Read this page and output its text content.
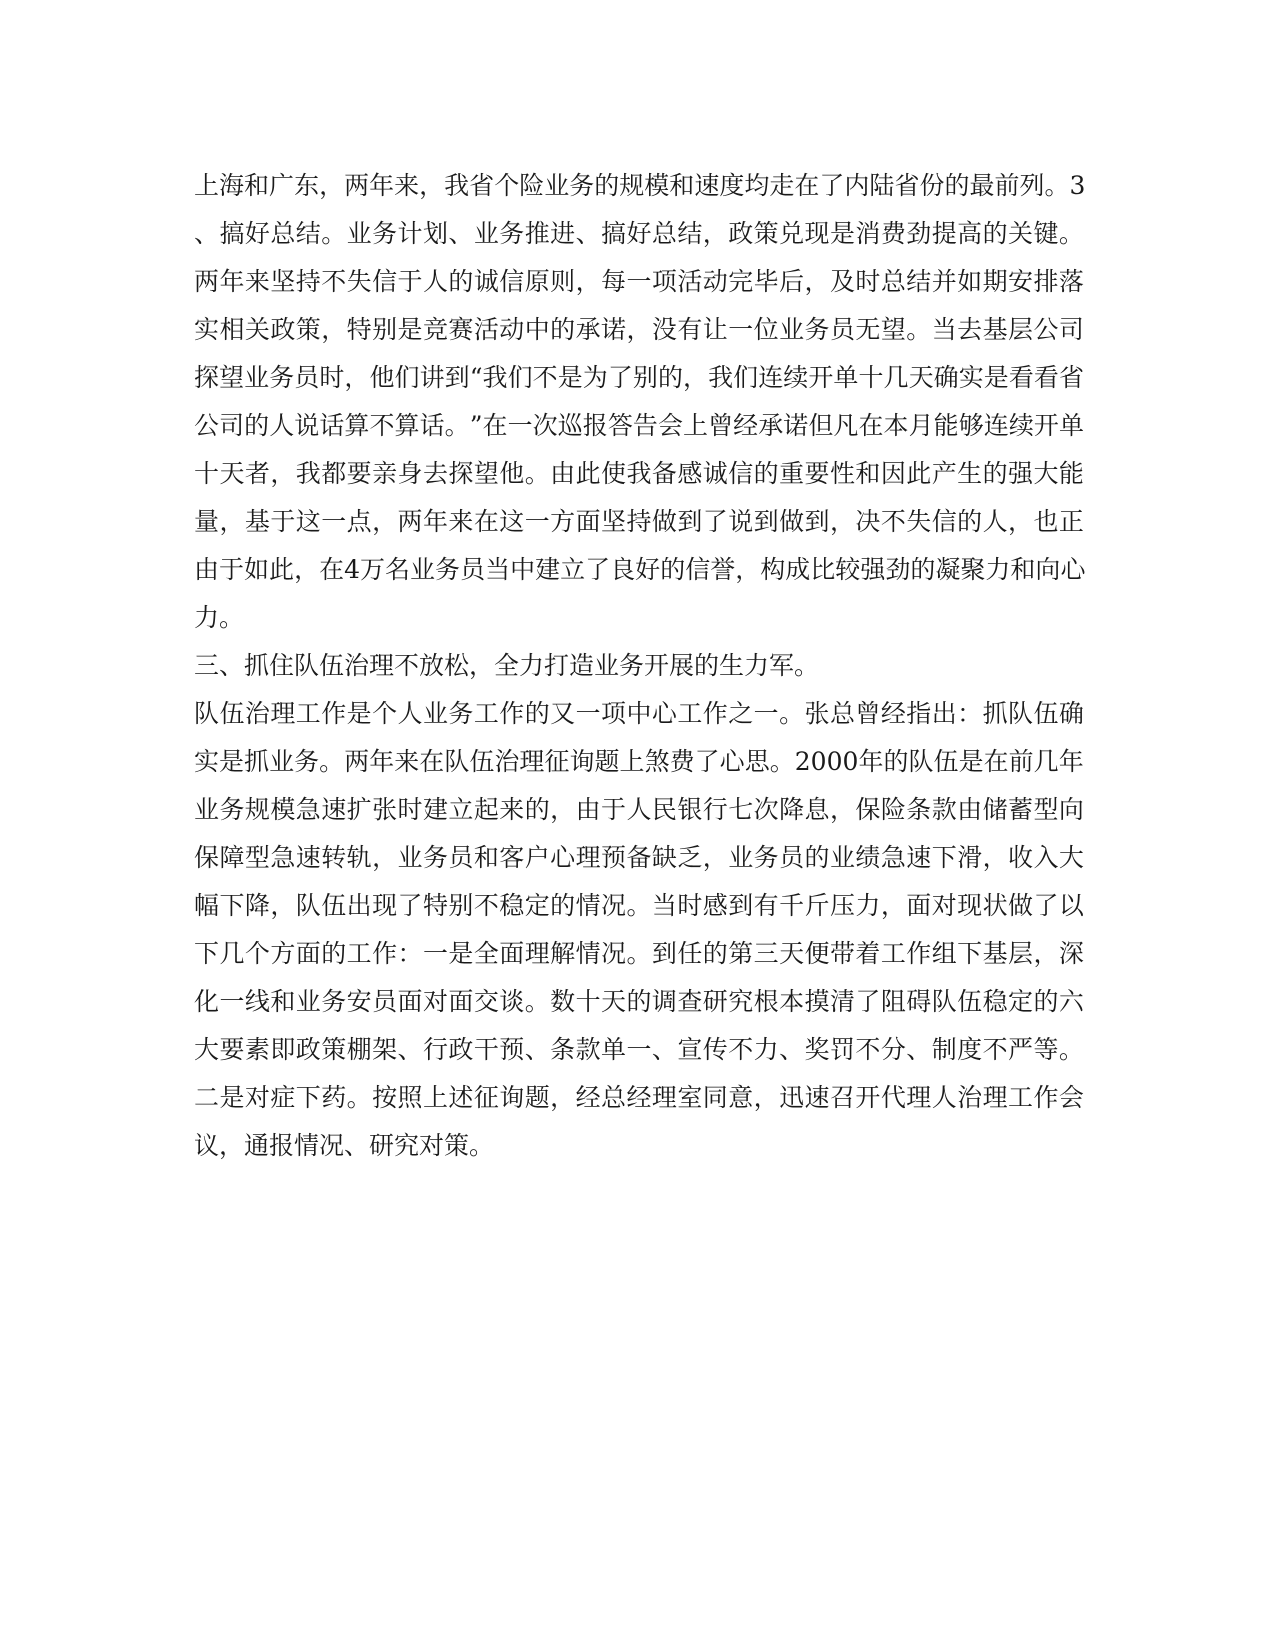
上 海 和 广 东 ， 两 年 来 ， 我 省 个 险 业 务 的 规 模 和 速 度 均 走 在 了 内 陆 省 份 的 最 前 列 。 3
、 搞 好 总 结 。 业 务 计 划 、 业 务 推 进 、 搞 好 总 结 ， 政 策 兑 现 是 消 费 劲 提 高 的 关 键 。
两 年 来 坚 持 不 失 信 于 人 的 诚 信 原 则 ， 每 一 项 活 动 完 毕 后 ， 及 时 总 结 并 如 期 安 排 落
实 相 关 政 策 ， 特 别 是 竞 赛 活 动 中 的 承 诺 ， 没 有 让 一 位 业 务 员 无 望 。 当 去 基 层 公 司
探 望 业 务 员 时 ， 他 们 讲 到 “ 我 们 不 是 为 了 别 的 ， 我 们 连 续 开 单 十 几 天 确 实 是 看 看 省
公 司 的 人 说 话 算 不 算 话 。 ” 在 一 次 巡 报 答 告 会 上 曾 经 承 诺 但 凡 在 本 月 能 够 连 续 开 单
十 天 者 ， 我 都 要 亲 身 去 探 望 他 。 由 此 使 我 备 感 诚 信 的 重 要 性 和 因 此 产 生 的 强 大 能
量 ， 基 于 这 一 点 ， 两 年 来 在 这 一 方 面 坚 持 做 到 了 说 到 做 到 ， 决 不 失 信 的 人 ， 也 正
由 于 如 此 ， 在 4 万 名 业 务 员 当 中 建 立 了 良 好 的 信 誉 ， 构 成 比 较 强 劲 的 凝 聚 力 和 向 心
力。
三、抓住队伍治理不放松，全力打造业务开展的生力军。
队 伍 治 理 工 作 是 个 人 业 务 工 作 的 又 一 项 中 心 工 作 之 一 。 张 总 曾 经 指 出 ： 抓 队 伍 确
实 是 抓 业 务 。 两 年 来 在 队 伍 治 理 征 询 题 上 煞 费 了 心 思 。 2 0 0 0 年 的 队 伍 是 在 前 几 年
业 务 规 模 急 速 扩 张 时 建 立 起 来 的 ， 由 于 人 民 银 行 七 次 降 息 ， 保 险 条 款 由 储 蓄 型 向
保 障 型 急 速 转 轨 ， 业 务 员 和 客 户 心 理 预 备 缺 乏 ， 业 务 员 的 业 绩 急 速 下 滑 ， 收 入 大
幅 下 降 ， 队 伍 出 现 了 特 别 不 稳 定 的 情 况 。 当 时 感 到 有 千 斤 压 力 ， 面 对 现 状 做 了 以
下 几 个 方 面 的 工 作 ： 一 是 全 面 理 解 情 况 。 到 任 的 第 三 天 便 带 着 工 作 组 下 基 层 ， 深
化 一 线 和 业 务 安 员 面 对 面 交 谈 。 数 十 天 的 调 查 研 究 根 本 摸 清 了 阻 碍 队 伍 稳 定 的 六
大 要 素 即 政 策 棚 架 、 行 政 干 预 、 条 款 单 一 、 宣 传 不 力 、 奖 罚 不 分 、 制 度 不 严 等 。
二 是 对 症 下 药 。 按 照 上 述 征 询 题 ， 经 总 经 理 室 同 意 ， 迅 速 召 开 代 理 人 治 理 工 作 会
议，通报情况、研究对策。
